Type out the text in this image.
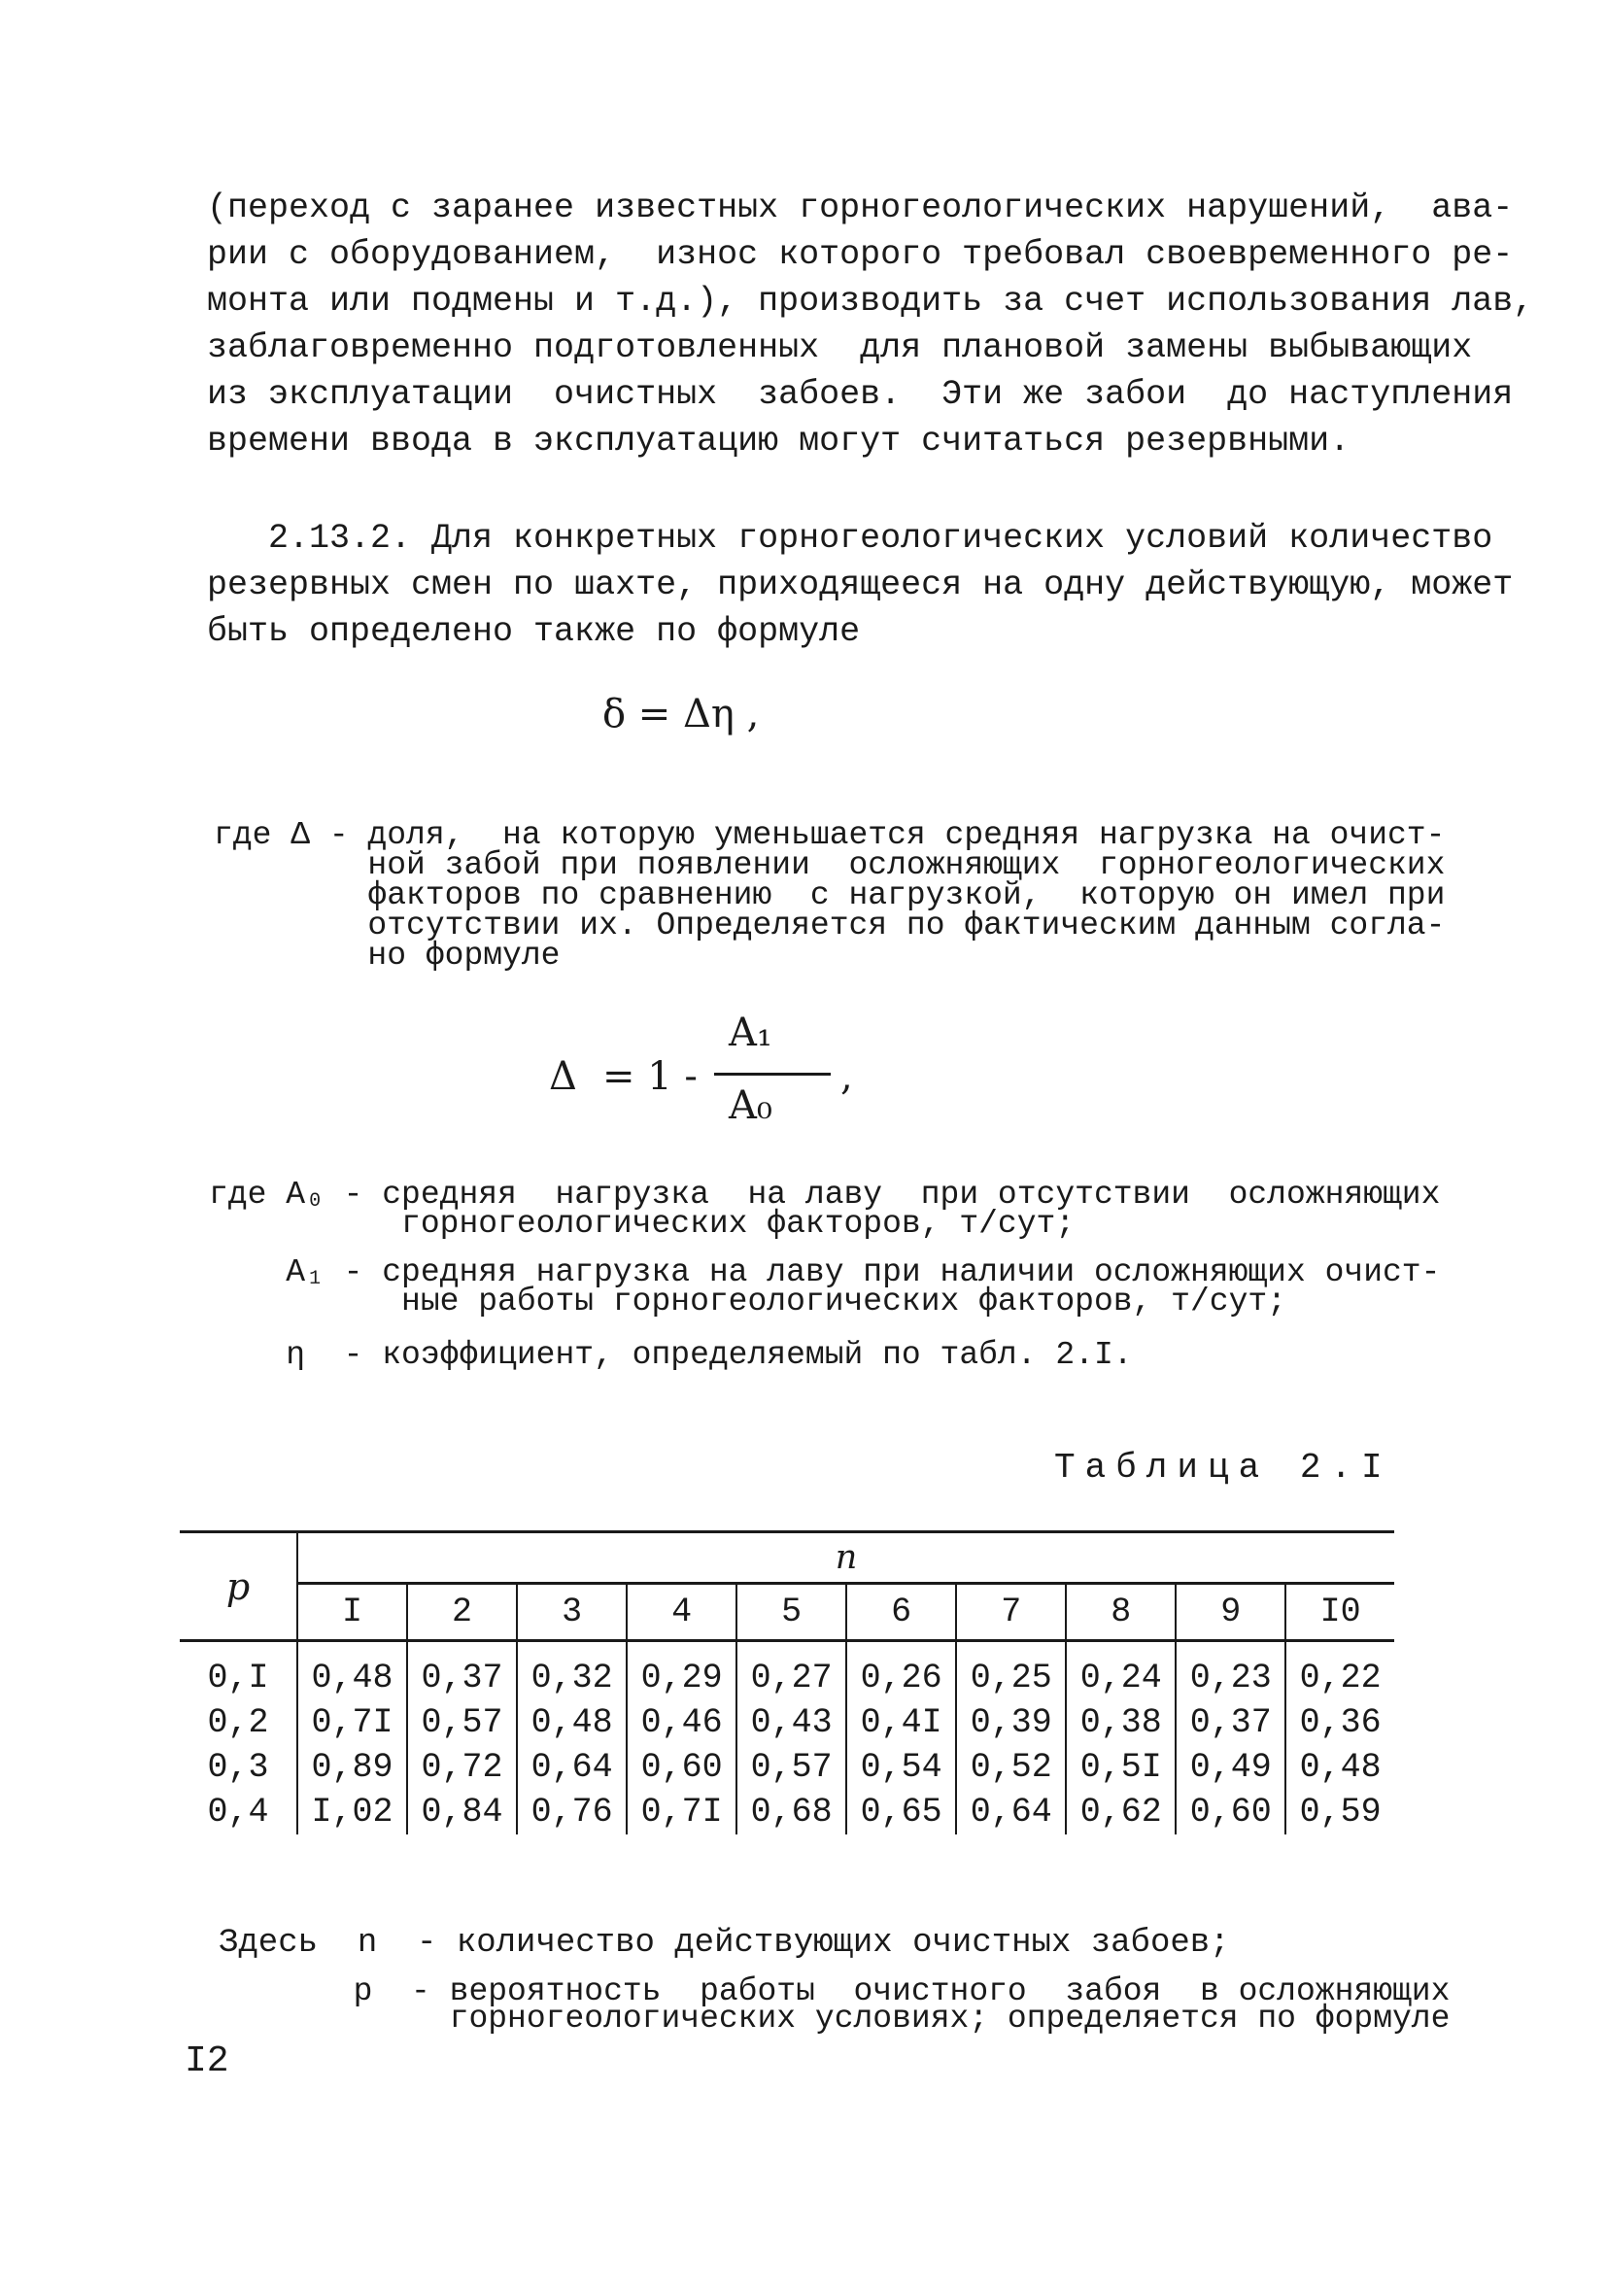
(переход с заранее известных горногеологических нарушений,  ава-
рии с оборудованием,  износ которого требовал своевременного ре-
монта или подмены и т.д.), производить за счет использования лав,
заблаговременно подготовленных  для плановой замены выбывающих
из эксплуатации  очистных  забоев.  Эти же забои  до наступления
времени ввода в эксплуатацию могут считаться резервными.
2.13.2. Для конкретных горногеологических условий количество
резервных смен по шахте, приходящееся на одну действующую, может
быть определено также по формуле
δ = Δη ,
где Δ - доля,  на которую уменьшается средняя нагрузка на очист-
ной забой при появлении  осложняющих  горногеологических
факторов по сравнению  с нагрузкой,  которую он имел при
отсутствии их. Определяется по фактическим данным согла-
но формуле
Δ = 1 -
A₁
A₀
,
где A₀ - средняя  нагрузка  на лаву  при отсутствии  осложняющих
горногеологических факторов, т/сут;
A₁ - средняя нагрузка на лаву при наличии осложняющих очист-
ные работы горногеологических факторов, т/сут;
η  - коэффициент, определяемый по табл. 2.I.
Таблица 2.I
p	n									
	I	2	3	4	5	6	7	8	9	I0
0,I	0,48	0,37	0,32	0,29	0,27	0,26	0,25	0,24	0,23	0,22
0,2	0,7I	0,57	0,48	0,46	0,43	0,4I	0,39	0,38	0,37	0,36
0,3	0,89	0,72	0,64	0,60	0,57	0,54	0,52	0,5I	0,49	0,48
0,4	I,02	0,84	0,76	0,7I	0,68	0,65	0,64	0,62	0,60	0,59
Здесь  n  - количество действующих очистных забоев;
p  - вероятность  работы  очистного  забоя  в осложняющих
горногеологических условиях; определяется по формуле
I2
